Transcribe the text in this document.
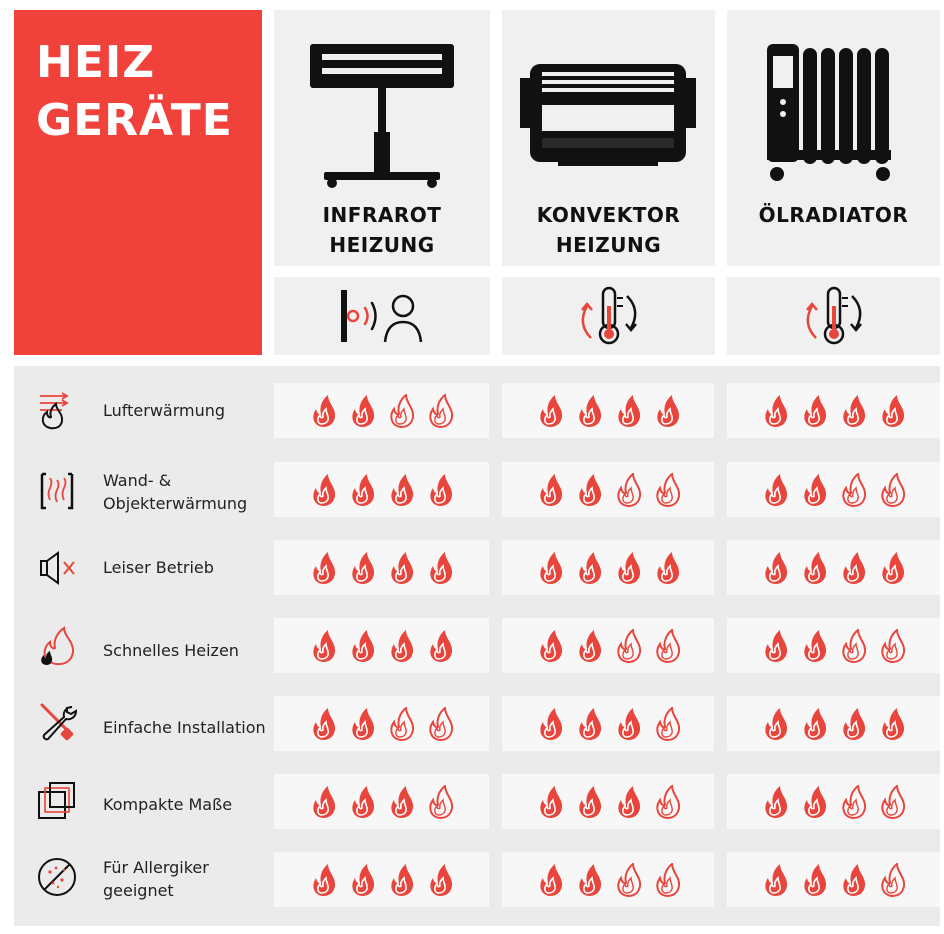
HEIZ
GERÄTE
INFRAROT
HEIZUNG
KONVEKTOR
HEIZUNG
ÖLRADIATOR
Lufterwärmung
Wand- & Objekterwärmung
Leiser Betrieb
Schnelles Heizen
Einfache Installation
Kompakte Maße
Für Allergiker geeignet
